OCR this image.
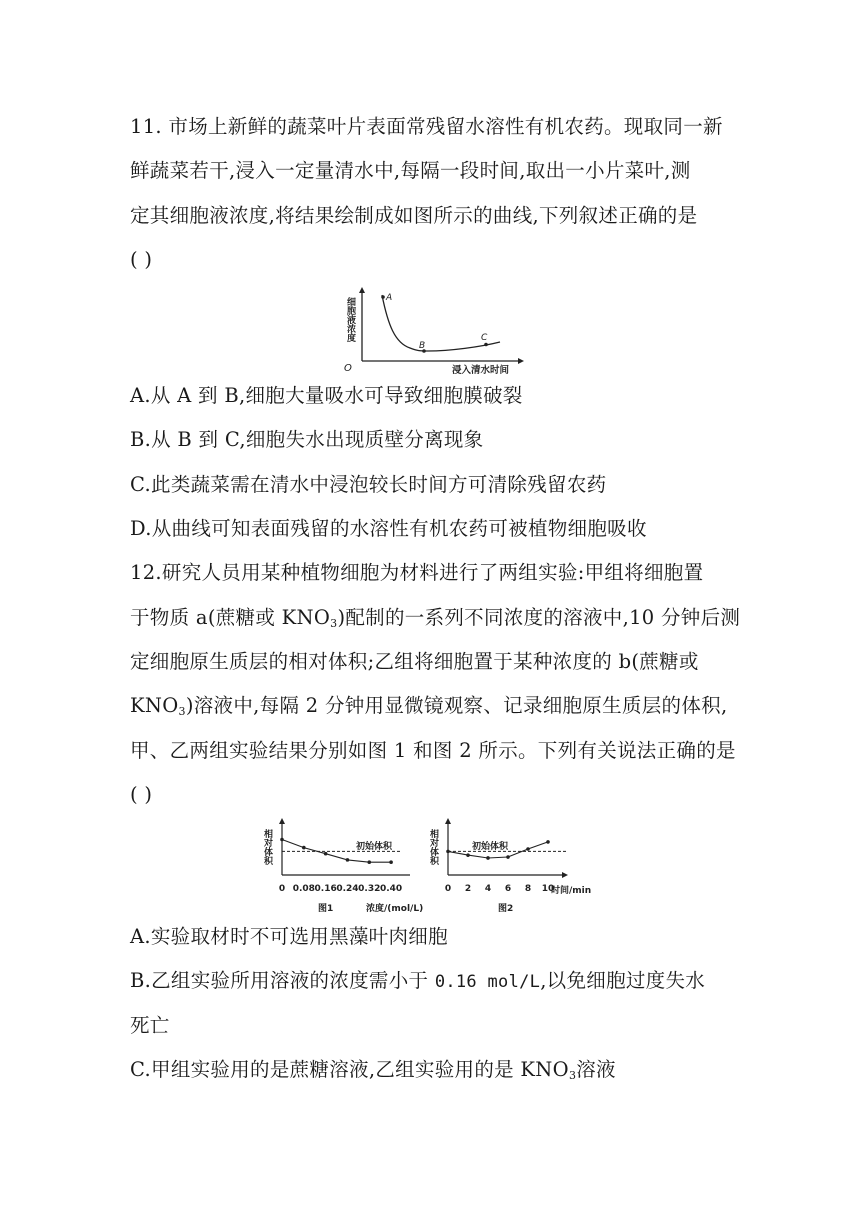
11. 市场上新鲜的蔬菜叶片表面常残留水溶性有机农药。现取同一新
鲜蔬菜若干,浸入一定量清水中,每隔一段时间,取出一小片菜叶,测
定其细胞液浓度,将结果绘制成如图所示的曲线,下列叙述正确的是
( )
细胞液浓度
浸入清水时间
O
A
B
C
A.从 A 到 B,细胞大量吸水可导致细胞膜破裂
B.从 B 到 C,细胞失水出现质壁分离现象
C.此类蔬菜需在清水中浸泡较长时间方可清除残留农药
D.从曲线可知表面残留的水溶性有机农药可被植物细胞吸收
12.研究人员用某种植物细胞为材料进行了两组实验:甲组将细胞置
于物质 a(蔗糖或 $KNO_3$)配制的一系列不同浓度的溶液中,10 分钟后测
定细胞原生质层的相对体积;乙组将细胞置于某种浓度的 b(蔗糖或
$KNO_3$)溶液中,每隔 2 分钟用显微镜观察、记录细胞原生质层的体积,
甲、乙两组实验结果分别如图 1 和图 2 所示。下列有关说法正确的是
( )
相对体积	初始体积
0 0.08 0.16 0.24 0.32 0.40
图1	浓度/(mol/L)
相对体积	初始体积
0 2 4 6 8 10
时间/min
图2
A.实验取材时不可选用黑藻叶肉细胞
B.乙组实验所用溶液的浓度需小于 0.16 mol/L,以免细胞过度失水
死亡
C.甲组实验用的是蔗糖溶液,乙组实验用的是 $KNO_3$溶液
